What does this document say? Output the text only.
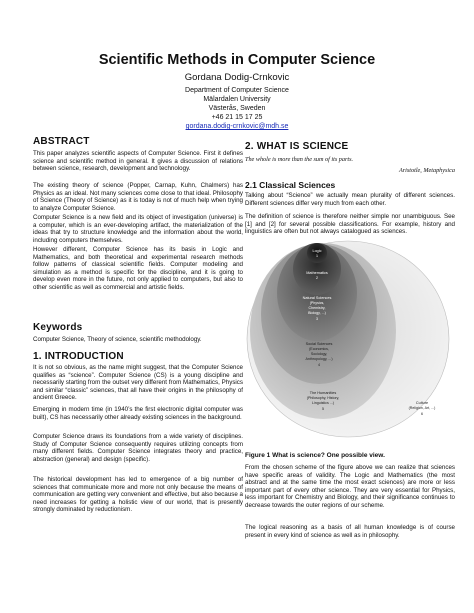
Scientific Methods in Computer Science
Gordana Dodig-Crnkovic
Department of Computer Science
Mälardalen University
Västerås, Sweden
+46 21 15 17 25
gordana.dodig-crnkovic@mdh.se
ABSTRACT

This paper analyzes scientific aspects of Computer Science. First it defines science and scientific method in general. It gives a discussion of relations between science, research, development and technology.

The existing theory of science (Popper, Carnap, Kuhn, Chalmers) has Physics as an ideal. Not many sciences come close to that ideal. Philosophy of Science (Theory of Science) as it is today is not of much help when trying to analyze Computer Science.

Computer Science is a new field and its object of investigation (universe) is a computer, which is an ever-developing artifact, the materialization of the ideas that try to structure knowledge and the information about the world, including computers themselves.

However different, Computer Science has its basis in Logic and Mathematics, and both theoretical and experimental research methods follow patterns of classical scientific fields. Computer modeling and simulation as a method is specific for the discipline, and it is going to develop even more in the future, not only applied to computers, but also to other scientific as well as commercial and artistic fields.

Keywords

Computer Science, Theory of science, scientific methodology.

1. INTRODUCTION

It is not so obvious, as the name might suggest, that the Computer Science qualifies as “science”. Computer Science (CS) is a young discipline and necessarily starting from the outset very different from Mathematics, Physics and similar “classic” sciences, that all have their origins in the philosophy of ancient Greece.

Emerging in modern time (in 1940’s the first electronic digital computer was built), CS has necessarily other already existing sciences in the background.

Computer Science draws its foundations from a wide variety of disciplines. Study of Computer Science consequently requires utilizing concepts from many different fields. Computer Science integrates theory and practice, abstraction (general) and design (specific).

The historical development has led to emergence of a big number of sciences that communicate more and more not only because the means of communication are getting very convenient and effective, but also because a need increases for getting a holistic view of our world, that is presently strongly dominated by reductionism.

2. WHAT IS SCIENCE

The whole is more than the sum of its parts.

Aristotle, Metaphysica

2.1 Classical Sciences

Talking about “Science” we actually mean plurality of different sciences. Different sciences differ very much from each other.

The definition of science is therefore neither simple nor unambiguous. See [1] and [2] for several possible classifications. For example, history and linguistics are often but not always catalogued as sciences.

Logic
1
Mathematics
2
Natural Sciences
(Physics,
Chemistry,
Biology, ...)
3
Social Sciences
(Economics,
Sociology,
Anthropology, ...)
4
The Humanities
(Philosophy, History,
Linguistics ...)
5
Culture
(Religion, Art, ...)
6

Figure 1 What is science? One possible view.

From the chosen scheme of the figure above we can realize that sciences have specific areas of validity. The Logic and Mathematics (the most abstract and at the same time the most exact sciences) are more or less important part of every other science. They are very essential for Physics, less important for Chemistry and Biology, and their significance continues to decrease towards the outer regions of our scheme.

The logical reasoning as a basis of all human knowledge is of course present in every kind of science as well as in philosophy.
